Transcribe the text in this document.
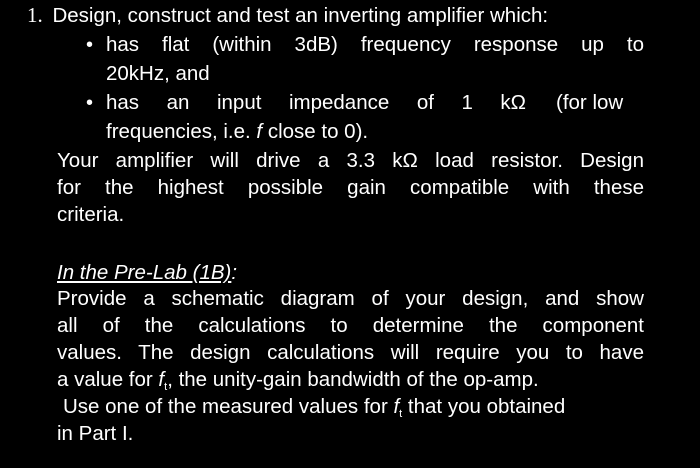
1. Design, construct and test an inverting amplifier which:
• has flat (within 3dB) frequency response up to
20kHz, and
• has an input impedance of 1 kΩ (for low
frequencies, i.e. f close to 0).
Your amplifier will drive a 3.3 kΩ load resistor. Design
for the highest possible gain compatible with these
criteria.
In the Pre-Lab (1B):
Provide a schematic diagram of your design, and show
all of the calculations to determine the component
values. The design calculations will require you to have
a value for $f_t$, the unity-gain bandwidth of the op-amp.
Use one of the measured values for $f_t$ that you obtained
in Part I.
